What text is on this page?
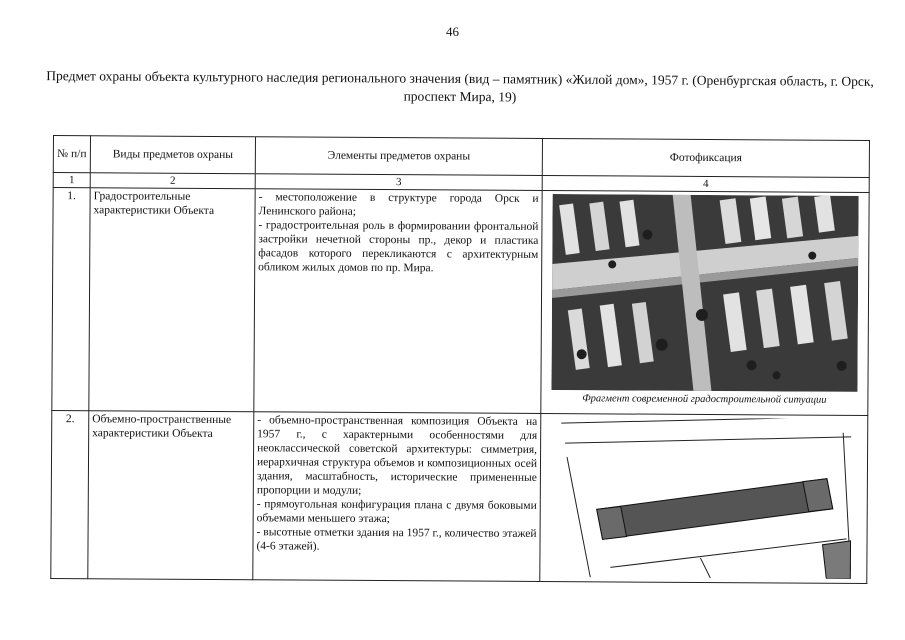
46
Предмет охраны объекта культурного наследия регионального значения (вид – памятник) «Жилой дом», 1957 г. (Оренбургская область, г. Орск, проспект Мира, 19)
№ п/п	Виды предметов охраны	Элементы предметов охраны	Фотофиксация
1	2	3	4
1.	Градостроительные характеристики Объекта	- местоположение в структуре города Орск и Ленинского района;
- градостроительная роль в формировании фронтальной застройки нечетной стороны пр., декор и пластика фасадов которого перекликаются с архитектурным обликом жилых домов по пр. Мира.	Фрагмент современной градостроительной ситуации

2.	Объемно-пространственные характеристики Объекта	- объемно-пространственная композиция Объекта на 1957 г., с характерными особенностями для неоклассической советской архитектуры: симметрия, иерархичная структура объемов и композиционных осей здания, масштабность, исторические примененные пропорции и модули;
- прямоугольная конфигурация плана с двумя боковыми объемами меньшего этажа;
- высотные отметки здания на 1957 г., количество этажей (4-6 этажей).
